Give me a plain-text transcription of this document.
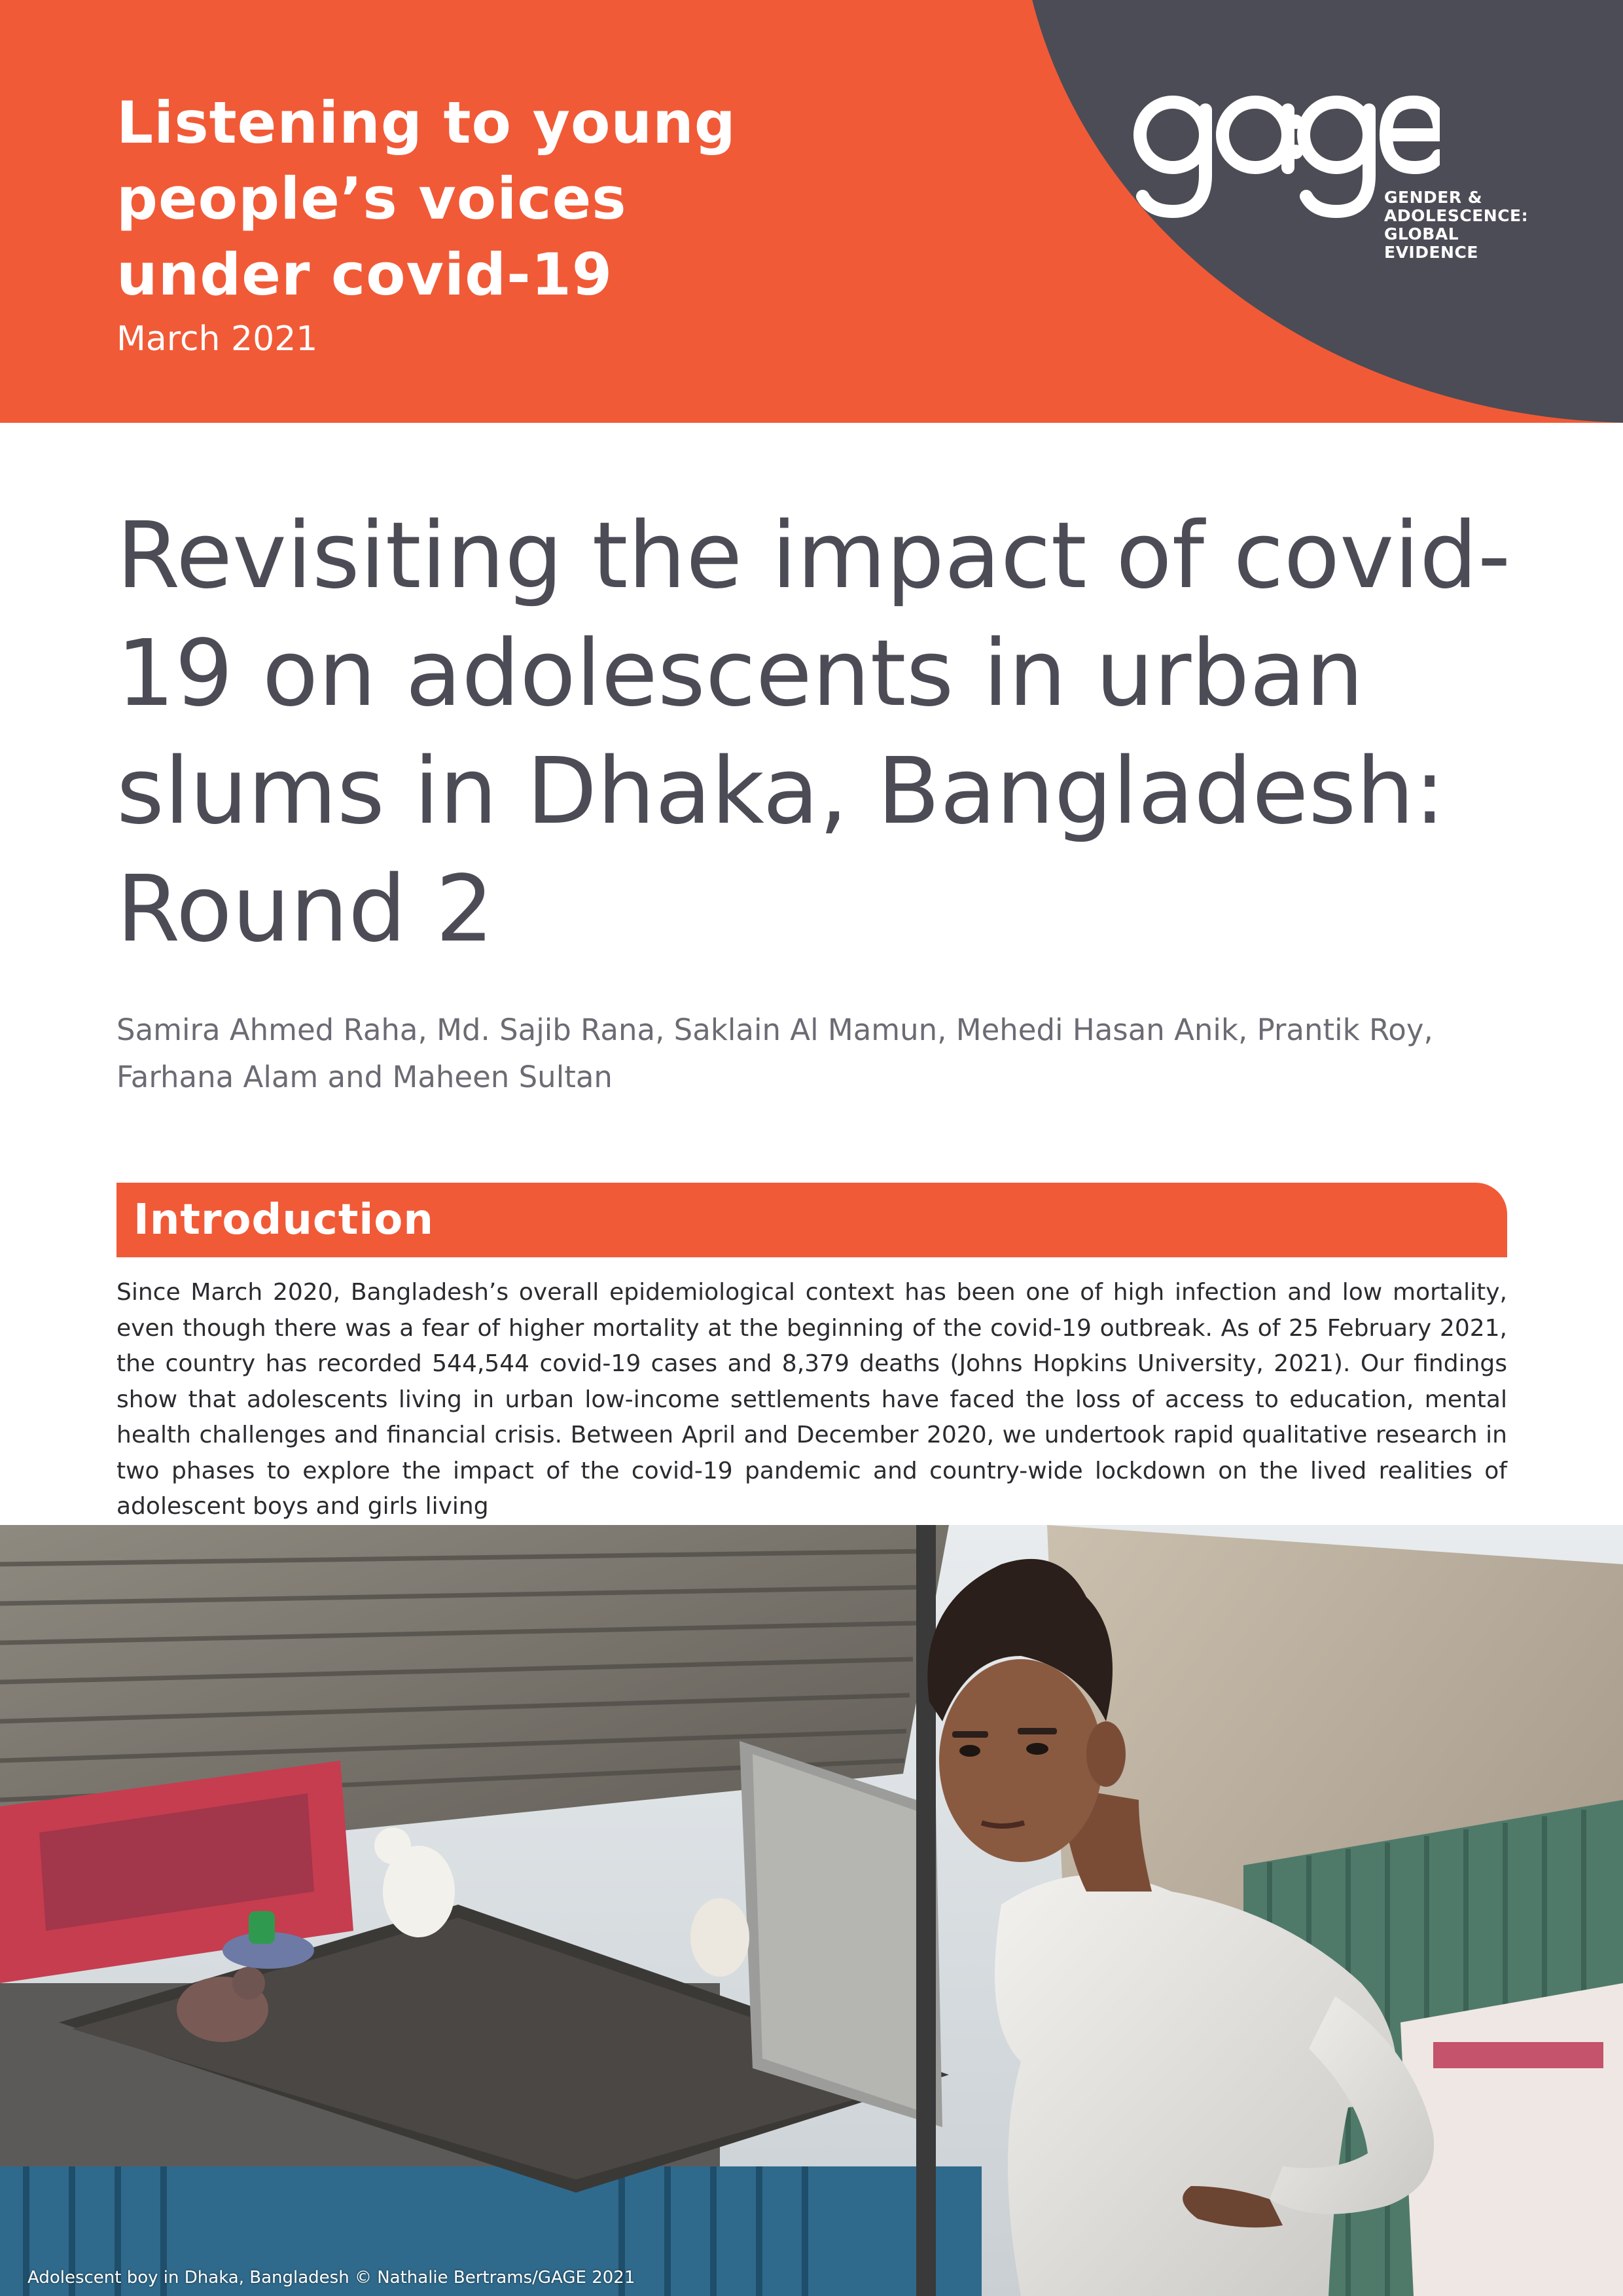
Listening to young
people’s voices
under covid-19
March 2021
GENDER &
ADOLESCENCE:
GLOBAL
EVIDENCE
Revisiting the impact of covid-19 on adolescents in urban slums in Dhaka, Bangladesh: Round 2

Samira Ahmed Raha, Md. Sajib Rana, Saklain Al Mamun, Mehedi Hasan Anik, Prantik Roy, Farhana Alam and Maheen Sultan

Introduction

Since March 2020, Bangladesh’s overall epidemiological context has been one of high infection and low mortality, even though there was a fear of higher mortality at the beginning of the covid-19 outbreak. As of 25 February 2021, the country has recorded 544,544 covid-19 cases and 8,379 deaths (Johns Hopkins University, 2021). Our findings show that adolescents living in urban low-income settlements have faced the loss of access to education, mental health challenges and financial crisis. Between April and December 2020, we undertook rapid qualitative research in two phases to explore the impact of the covid-19 pandemic and country-wide lockdown on the lived realities of adolescent boys and girls living

Adolescent boy in Dhaka, Bangladesh © Nathalie Bertrams/GAGE 2021
